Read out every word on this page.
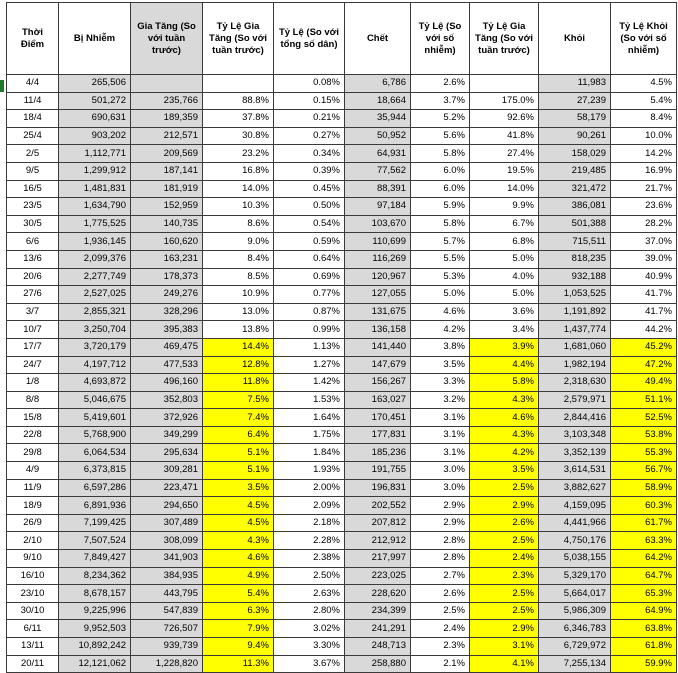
Thời Điểm	Bị Nhiễm	Gia Tăng (So với tuần trước)	Tỷ Lệ Gia Tăng (So với tuần trước)	Tỷ Lệ (So với tổng số dân)	Chết	Tỷ Lệ (So với số nhiễm)	Tỷ Lệ Gia Tăng (So với tuần trước)	Khỏi	Tỷ Lệ Khỏi (So với số nhiễm)
4/4	265,506			0.08%	6,786	2.6%		11,983	4.5%
11/4	501,272	235,766	88.8%	0.15%	18,664	3.7%	175.0%	27,239	5.4%
18/4	690,631	189,359	37.8%	0.21%	35,944	5.2%	92.6%	58,179	8.4%
25/4	903,202	212,571	30.8%	0.27%	50,952	5.6%	41.8%	90,261	10.0%
2/5	1,112,771	209,569	23.2%	0.34%	64,931	5.8%	27.4%	158,029	14.2%
9/5	1,299,912	187,141	16.8%	0.39%	77,562	6.0%	19.5%	219,485	16.9%
16/5	1,481,831	181,919	14.0%	0.45%	88,391	6.0%	14.0%	321,472	21.7%
23/5	1,634,790	152,959	10.3%	0.50%	97,184	5.9%	9.9%	386,081	23.6%
30/5	1,775,525	140,735	8.6%	0.54%	103,670	5.8%	6.7%	501,388	28.2%
6/6	1,936,145	160,620	9.0%	0.59%	110,699	5.7%	6.8%	715,511	37.0%
13/6	2,099,376	163,231	8.4%	0.64%	116,269	5.5%	5.0%	818,235	39.0%
20/6	2,277,749	178,373	8.5%	0.69%	120,967	5.3%	4.0%	932,188	40.9%
27/6	2,527,025	249,276	10.9%	0.77%	127,055	5.0%	5.0%	1,053,525	41.7%
3/7	2,855,321	328,296	13.0%	0.87%	131,675	4.6%	3.6%	1,191,892	41.7%
10/7	3,250,704	395,383	13.8%	0.99%	136,158	4.2%	3.4%	1,437,774	44.2%
17/7	3,720,179	469,475	14.4%	1.13%	141,440	3.8%	3.9%	1,681,060	45.2%
24/7	4,197,712	477,533	12.8%	1.27%	147,679	3.5%	4.4%	1,982,194	47.2%
1/8	4,693,872	496,160	11.8%	1.42%	156,267	3.3%	5.8%	2,318,630	49.4%
8/8	5,046,675	352,803	7.5%	1.53%	163,027	3.2%	4.3%	2,579,971	51.1%
15/8	5,419,601	372,926	7.4%	1.64%	170,451	3.1%	4.6%	2,844,416	52.5%
22/8	5,768,900	349,299	6.4%	1.75%	177,831	3.1%	4.3%	3,103,348	53.8%
29/8	6,064,534	295,634	5.1%	1.84%	185,236	3.1%	4.2%	3,352,139	55.3%
4/9	6,373,815	309,281	5.1%	1.93%	191,755	3.0%	3.5%	3,614,531	56.7%
11/9	6,597,286	223,471	3.5%	2.00%	196,831	3.0%	2.5%	3,882,627	58.9%
18/9	6,891,936	294,650	4.5%	2.09%	202,552	2.9%	2.9%	4,159,095	60.3%
26/9	7,199,425	307,489	4.5%	2.18%	207,812	2.9%	2.6%	4,441,966	61.7%
2/10	7,507,524	308,099	4.3%	2.28%	212,912	2.8%	2.5%	4,750,176	63.3%
9/10	7,849,427	341,903	4.6%	2.38%	217,997	2.8%	2.4%	5,038,155	64.2%
16/10	8,234,362	384,935	4.9%	2.50%	223,025	2.7%	2.3%	5,329,170	64.7%
23/10	8,678,157	443,795	5.4%	2.63%	228,620	2.6%	2.5%	5,664,017	65.3%
30/10	9,225,996	547,839	6.3%	2.80%	234,399	2.5%	2.5%	5,986,309	64.9%
6/11	9,952,503	726,507	7.9%	3.02%	241,291	2.4%	2.9%	6,346,783	63.8%
13/11	10,892,242	939,739	9.4%	3.30%	248,713	2.3%	3.1%	6,729,972	61.8%
20/11	12,121,062	1,228,820	11.3%	3.67%	258,880	2.1%	4.1%	7,255,134	59.9%
